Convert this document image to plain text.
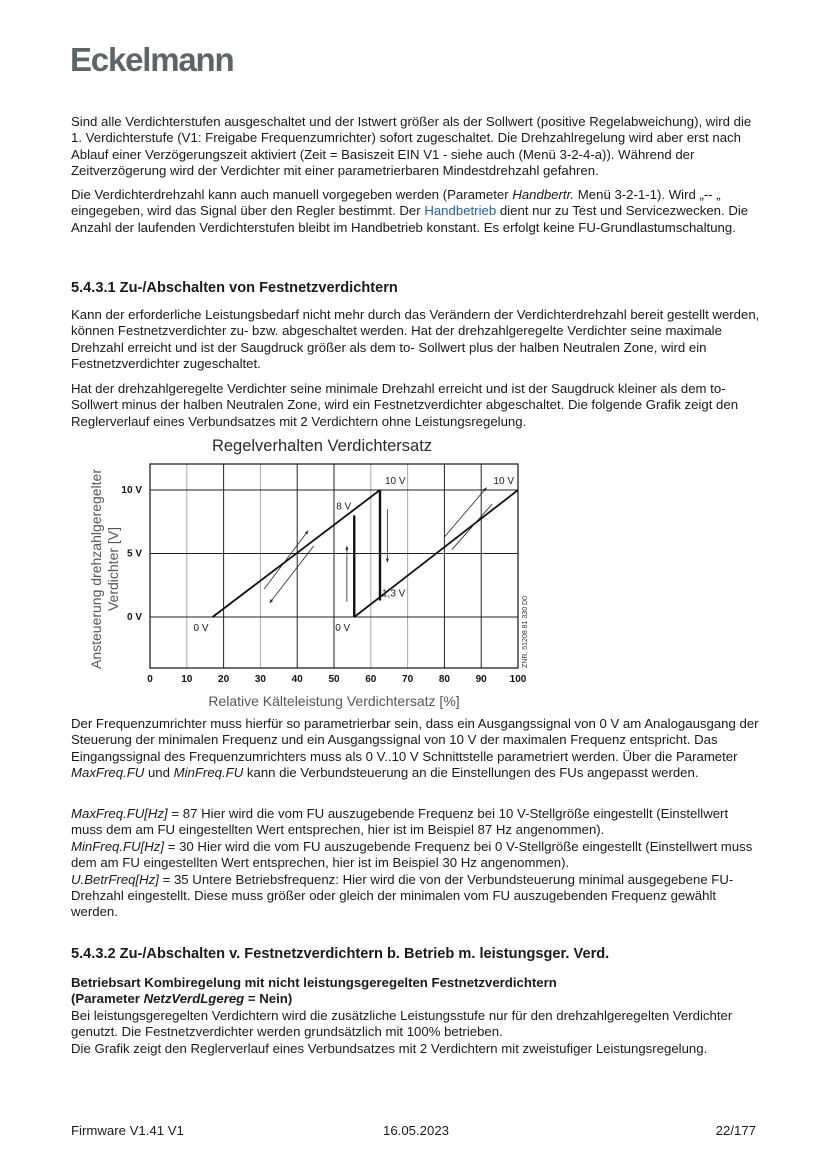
Eckelmann

Sind alle Verdichterstufen ausgeschaltet und der Istwert größer als der Sollwert (positive Regelabweichung), wird die 1. Verdichterstufe (V1: Freigabe Frequenzumrichter) sofort zugeschaltet. Die Drehzahlregelung wird aber erst nach Ablauf einer Verzögerungszeit aktiviert (Zeit = Basiszeit EIN V1 - siehe auch (Menü 3-2-4-a)). Während der Zeitverzögerung wird der Verdichter mit einer parametrierbaren Mindestdrehzahl gefahren.

Die Verdichterdrehzahl kann auch manuell vorgegeben werden (Parameter Handbertr. Menü 3-2-1-1). Wird „-- „ eingegeben, wird das Signal über den Regler bestimmt. Der Handbetrieb dient nur zu Test und Servicezwecken. Die Anzahl der laufenden Verdichterstufen bleibt im Handbetrieb konstant. Es erfolgt keine FU-Grundlastumschaltung.

5.4.3.1 Zu-/Abschalten von Festnetzverdichtern

Kann der erforderliche Leistungsbedarf nicht mehr durch das Verändern der Verdichterdrehzahl bereit gestellt werden, können Festnetzverdichter zu- bzw. abgeschaltet werden. Hat der drehzahlgeregelte Verdichter seine maximale Drehzahl erreicht und ist der Saugdruck größer als dem to- Sollwert plus der halben Neutralen Zone, wird ein Festnetzverdichter zugeschaltet.

Hat der drehzahlgeregelte Verdichter seine minimale Drehzahl erreicht und ist der Saugdruck kleiner als dem to- Sollwert minus der halben Neutralen Zone, wird ein Festnetzverdichter abgeschaltet. Die folgende Grafik zeigt den Reglerverlauf eines Verbundsatzes mit 2 Verdichtern ohne Leistungsregelung.

Regelverhalten Verdichtersatz
0 V
8 V
10 V
0 V
1,3 V
10 V
0	10	20	30	40	50	60	70	80	90 100
0 V
5 V
10 V
Ansteuerung drehzahlgeregelter Verdichter [V]
Relative Kälteleistung Verdichtersatz [%]
ZNR. 51208 81 330 D0

Der Frequenzumrichter muss hierfür so parametrierbar sein, dass ein Ausgangssignal von 0 V am Analogausgang der Steuerung der minimalen Frequenz und ein Ausgangssignal von 10 V der maximalen Frequenz entspricht. Das Eingangssignal des Frequenzumrichters muss als 0 V..10 V Schnittstelle parametriert werden. Über die Parameter MaxFreq.FU und MinFreq.FU kann die Verbundsteuerung an die Einstellungen des FUs angepasst werden.

MaxFreq.FU[Hz] = 87 Hier wird die vom FU auszugebende Frequenz bei 10 V-Stellgröße eingestellt (Einstellwert muss dem am FU eingestellten Wert entsprechen, hier ist im Beispiel 87 Hz angenommen).
MinFreq.FU[Hz] = 30 Hier wird die vom FU auszugebende Frequenz bei 0 V-Stellgröße eingestellt (Einstellwert muss dem am FU eingestellten Wert entsprechen, hier ist im Beispiel 30 Hz angenommen).
U.BetrFreq[Hz] = 35 Untere Betriebsfrequenz: Hier wird die von der Verbundsteuerung minimal ausgegebene FU-Drehzahl eingestellt. Diese muss größer oder gleich der minimalen vom FU auszugebenden Frequenz gewählt werden.

5.4.3.2 Zu-/Abschalten v. Festnetzverdichtern b. Betrieb m. leistungsger. Verd.

Betriebsart Kombiregelung mit nicht leistungsgeregelten Festnetzverdichtern
(Parameter NetzVerdLgereg = Nein)
Bei leistungsgeregelten Verdichtern wird die zusätzliche Leistungsstufe nur für den drehzahlgeregelten Verdichter genutzt. Die Festnetzverdichter werden grundsätzlich mit 100% betrieben.
Die Grafik zeigt den Reglerverlauf eines Verbundsatzes mit 2 Verdichtern mit zweistufiger Leistungsregelung.

Firmware V1.41 V1	16.05.2023	22/177
